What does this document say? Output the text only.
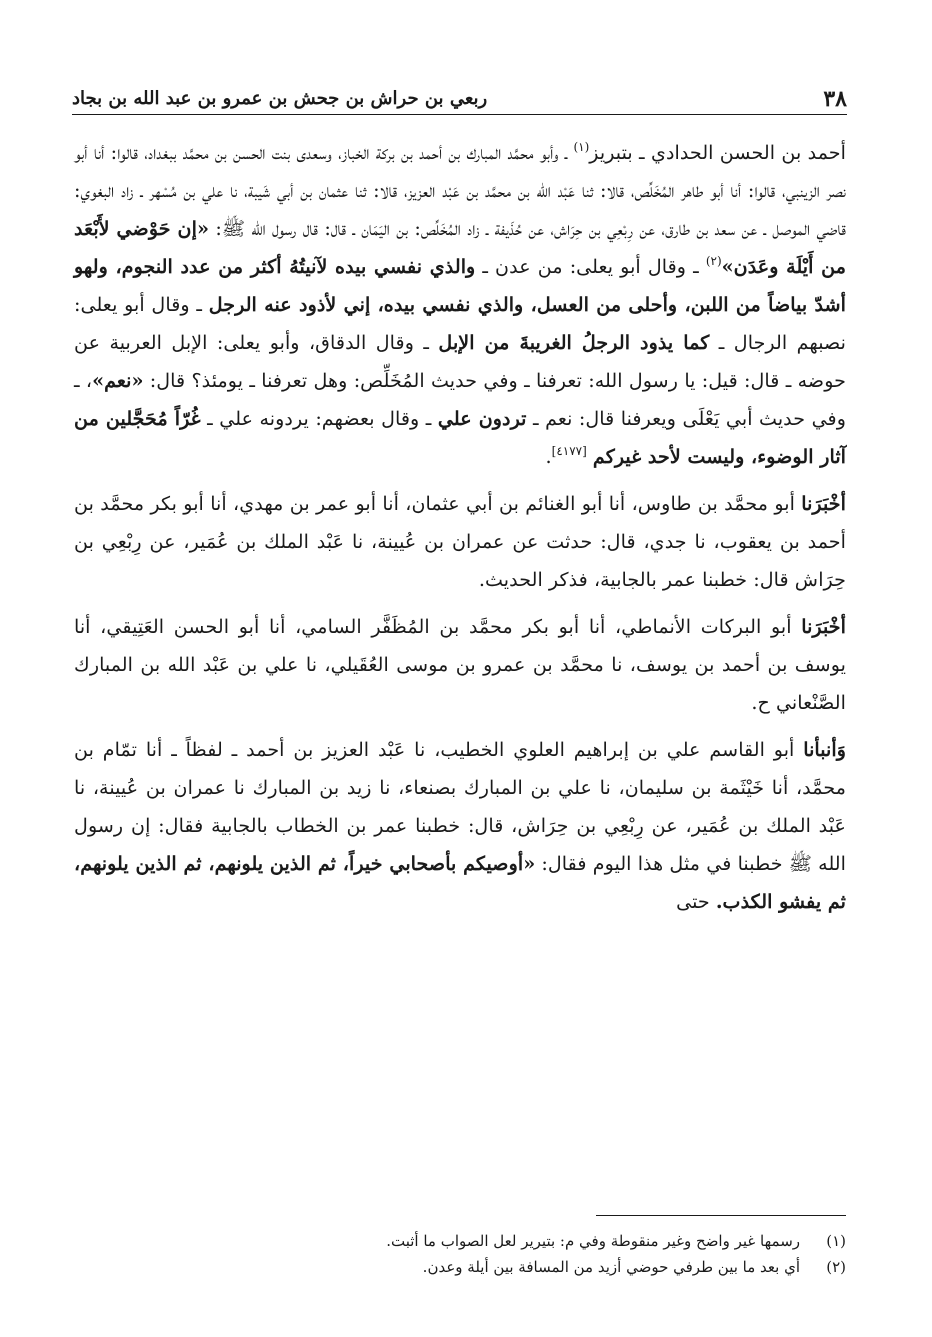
٣٨
ربعي بن حراش بن جحش بن عمرو بن عبد الله بن بجاد

أحمد بن الحسن الحدادي ـ بتبريز$^{(١)}$ ـ وأبو محمَّد المبارك بن أحمد بن بركة الخباز، وسعدى بنت الحسن بن محمَّد ببغداد، قالوا: أنا أبو نصر الزينبي، قالوا: أنا أبو طاهر المُخَلِّص، قالا: ثنا عَبْد الله بن محمَّد بن عَبْد العزيز، قالا: ثنا عثمان بن أبي شَيبة، نا علي بن مُسْهر ـ زاد البغوي: قاضي الموصل ـ عن سعد بن طارق، عن رِبْعِي بن حِرَاش، عن حُذَيفة ـ زاد المُخَلِّص: بن اليَمَان ـ قال: قال رسول الله ﷺ: «إن حَوْضي لأَبْعَد من أَيْلَة وعَدَن»$^{(٢)}$ ـ وقال أبو يعلى: من عدن ـ والذي نفسي بيده لآنيتُهُ أكثر من عدد النجوم، ولهو أشدّ بياضاً من اللبن، وأحلى من العسل، والذي نفسي بيده، إني لأذود عنه الرجل ـ وقال أبو يعلى: نصبهم الرجال ـ كما يذود الرجلُ الغريبةَ من الإبل ـ وقال الدقاق، وأبو يعلى: الإبل العربية عن حوضه ـ قال: قيل: يا رسول الله: تعرفنا ـ وفي حديث المُخَلِّص: وهل تعرفنا ـ يومئذ؟ قال: «نعم»، ـ وفي حديث أبي يَعْلَى ويعرفنا قال: نعم ـ تردون علي ـ وقال بعضهم: يردونه علي ـ غُرّاً مُحَجَّلين من آثار الوضوء، وليست لأحد غيركم [٤١٧٧].

أخْبَرَنا أبو محمَّد بن طاوس، أنا أبو الغنائم بن أبي عثمان، أنا أبو عمر بن مهدي، أنا أبو بكر محمَّد بن أحمد بن يعقوب، نا جدي، قال: حدثت عن عمران بن عُيينة، نا عَبْد الملك بن عُمَير، عن رِبْعِي بن حِرَاش قال: خطبنا عمر بالجابية، فذكر الحديث.

أخْبَرَنا أبو البركات الأنماطي، أنا أبو بكر محمَّد بن المُظَفَّر السامي، أنا أبو الحسن العَتِيقي، أنا يوسف بن أحمد بن يوسف، نا محمَّد بن عمرو بن موسى العُقَيلي، نا علي بن عَبْد الله بن المبارك الصَّنْعاني ح.

وَأنبأنا أبو القاسم علي بن إبراهيم العلوي الخطيب، نا عَبْد العزيز بن أحمد ـ لفظاً ـ أنا تمّام بن محمَّد، أنا خَيْثَمة بن سليمان، نا علي بن المبارك بصنعاء، نا زيد بن المبارك نا عمران بن عُيينة، نا عَبْد الملك بن عُمَير، عن رِبْعِي بن حِرَاش، قال: خطبنا عمر بن الخطاب بالجابية فقال: إن رسول الله ﷺ خطبنا في مثل هذا اليوم فقال: «أوصيكم بأصحابي خيراً، ثم الذين يلونهم، ثم الذين يلونهم، ثم يفشو الكذب. حتى

(١)رسمها غير واضح وغير منقوطة وفي م: بتيرير لعل الصواب ما أثبت.

(٢)أي بعد ما بين طرفي حوضي أزيد من المسافة بين أيلة وعدن.
